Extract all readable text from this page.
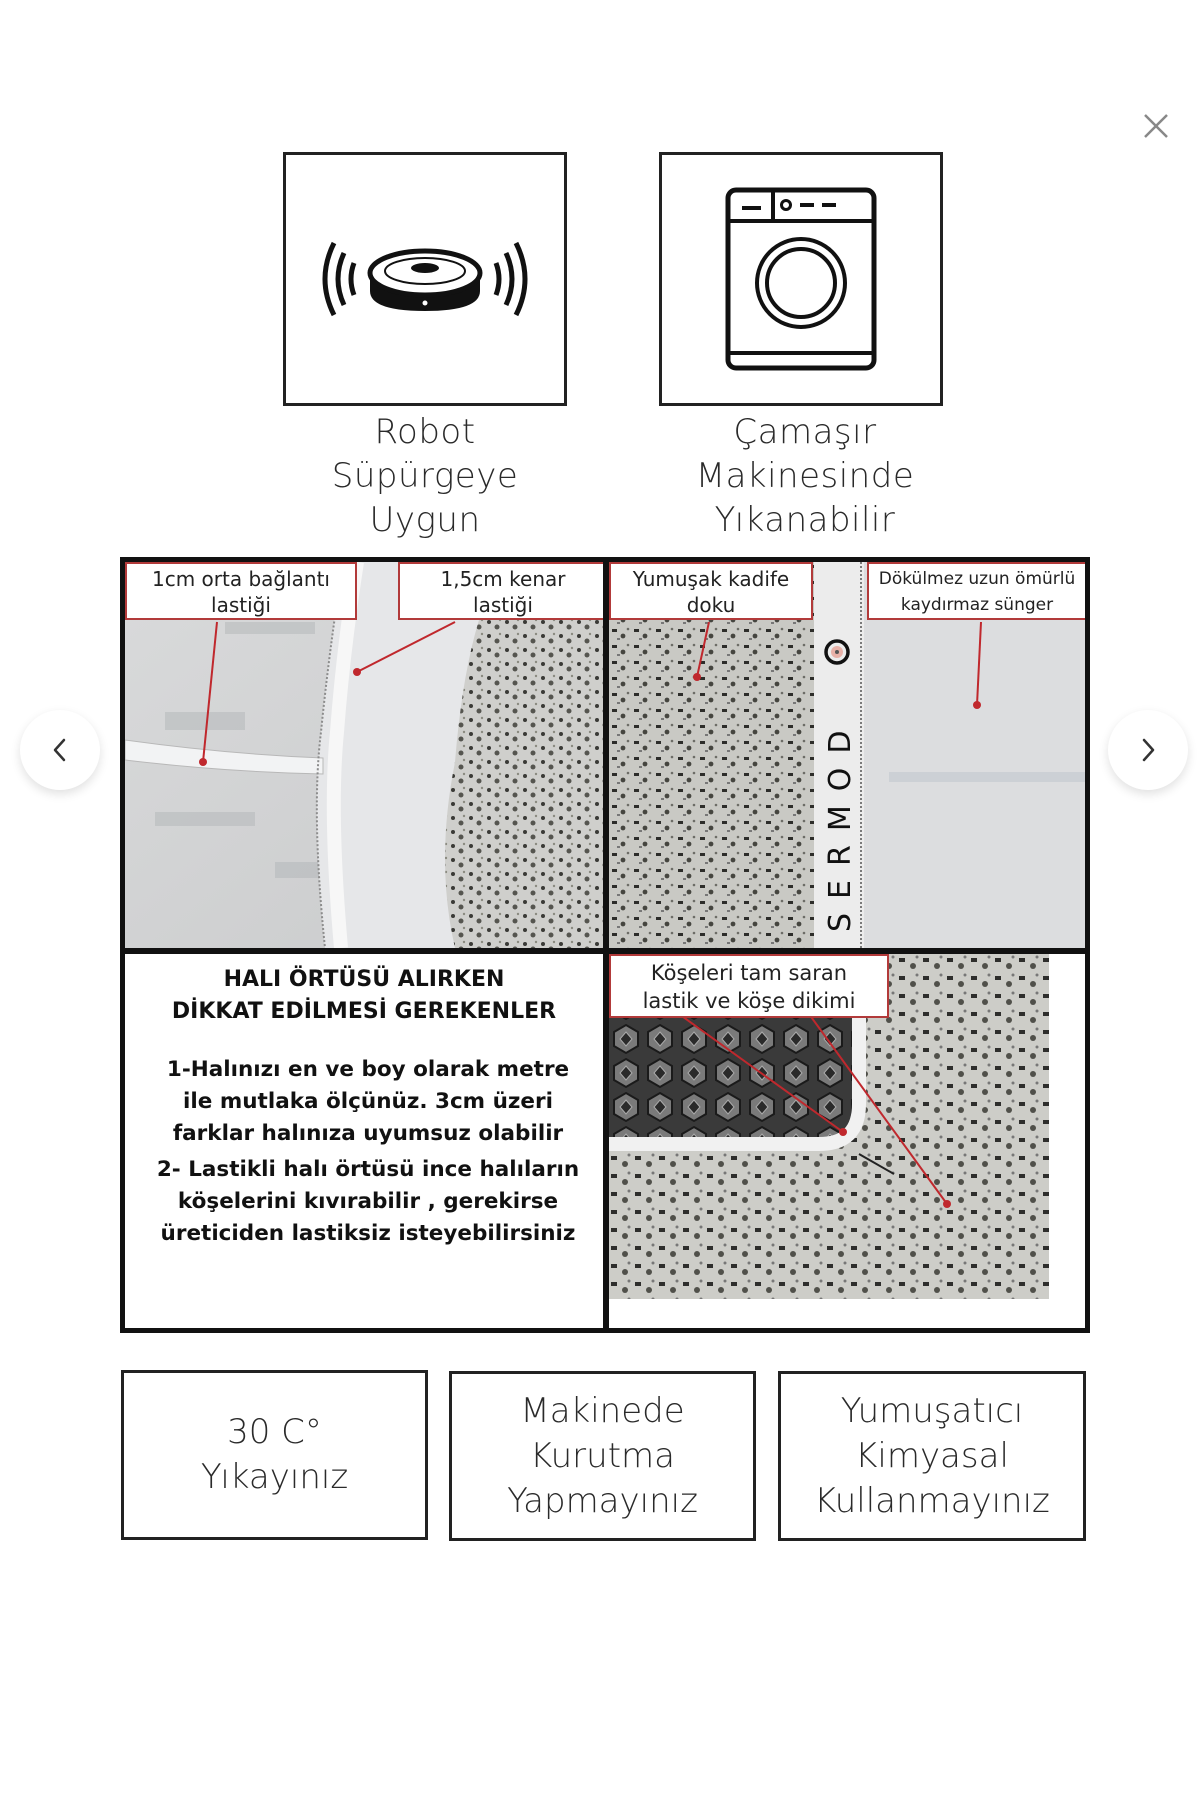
Robot
Süpürgeye
Uygun
Çamaşır
Makinesinde
Yıkanabilir
1cm orta bağlantı
lastiği
1,5cm kenar
lastiği
SERMOD
Yumuşak kadife
doku
Dökülmez uzun ömürlü
kaydırmaz sünger
HALI ÖRTÜSÜ ALIRKEN
DİKKAT EDİLMESİ GEREKENLER
1-Halınızı en ve boy olarak metre
ile mutlaka ölçünüz. 3cm üzeri
farklar halınıza uyumsuz olabilir
2- Lastikli halı örtüsü ince halıların
köşelerini kıvırabilir , gerekirse
üreticiden lastiksiz isteyebilirsiniz
Köşeleri tam saran
lastik ve köşe dikimi
30 C°
Yıkayınız
Makinede
Kurutma
Yapmayınız
Yumuşatıcı
Kimyasal
Kullanmayınız
